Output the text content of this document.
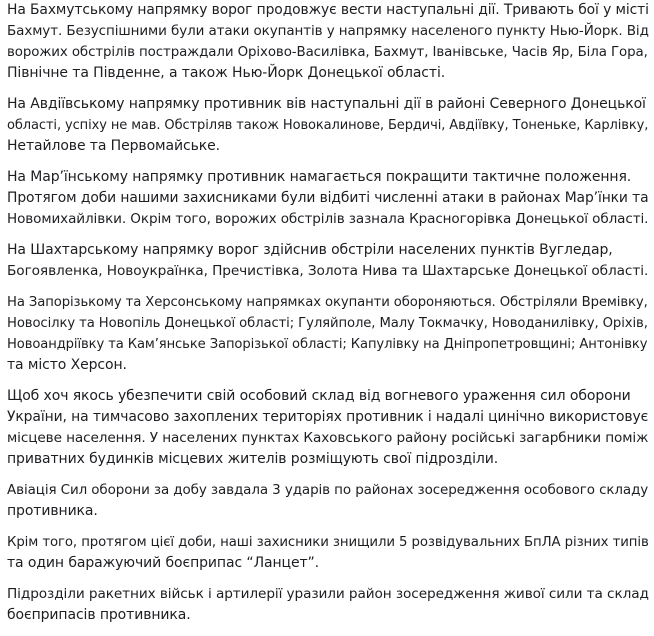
На Бахмутському напрямку ворог продовжує вести наступальні дії. Тривають бої у місті
Бахмут. Безуспішними були атаки окупантів у напрямку населеного пункту Нью-Йорк. Від
ворожих обстрілів постраждали Оріхово-Василівка, Бахмут, Іванівське, Часів Яр, Біла Гора,
Північне та Південне, а також Нью-Йорк Донецької області.

На Авдіївському напрямку противник вів наступальні дії в районі Северного Донецької
області, успіху не мав. Обстріляв також Новокалинове, Бердичі, Авдіївку, Тоненьке, Карлівку,
Нетайлове та Первомайське.

На Мар’їнському напрямку противник намагається покращити тактичне положення.
Протягом доби нашими захисниками були відбиті численні атаки в районах Мар’їнки та
Новомихайлівки. Окрім того, ворожих обстрілів зазнала Красногорівка Донецької області.

На Шахтарському напрямку ворог здійснив обстріли населених пунктів Вугледар,
Богоявленка, Новоукраїнка, Пречистівка, Золота Нива та Шахтарське Донецької області.

На Запорізькому та Херсонському напрямках окупанти обороняються. Обстріляли Времівку,
Новосілку та Новопіль Донецької області; Гуляйполе, Малу Токмачку, Новоданилівку, Оріхів,
Новоандріївку та Кам’янське Запорізької області; Капулівку на Дніпропетровщині; Антонівку
та місто Херсон.

Щоб хоч якось убезпечити свій особовий склад від вогневого ураження сил оборони
України, на тимчасово захоплених територіях противник і надалі цинічно використовує
місцеве населення. У населених пунктах Каховського району російські загарбники поміж
приватних будинків місцевих жителів розміщують свої підрозділи.

Авіація Сил оборони за добу завдала 3 ударів по районах зосередження особового складу
противника.

Крім того, протягом цієї доби, наші захисники знищили 5 розвідувальних БпЛА різних типів
та один баражуючий боєприпас “Ланцет”.

Підрозділи ракетних військ і артилерії уразили район зосередження живої сили та склад
боєприпасів противника.
